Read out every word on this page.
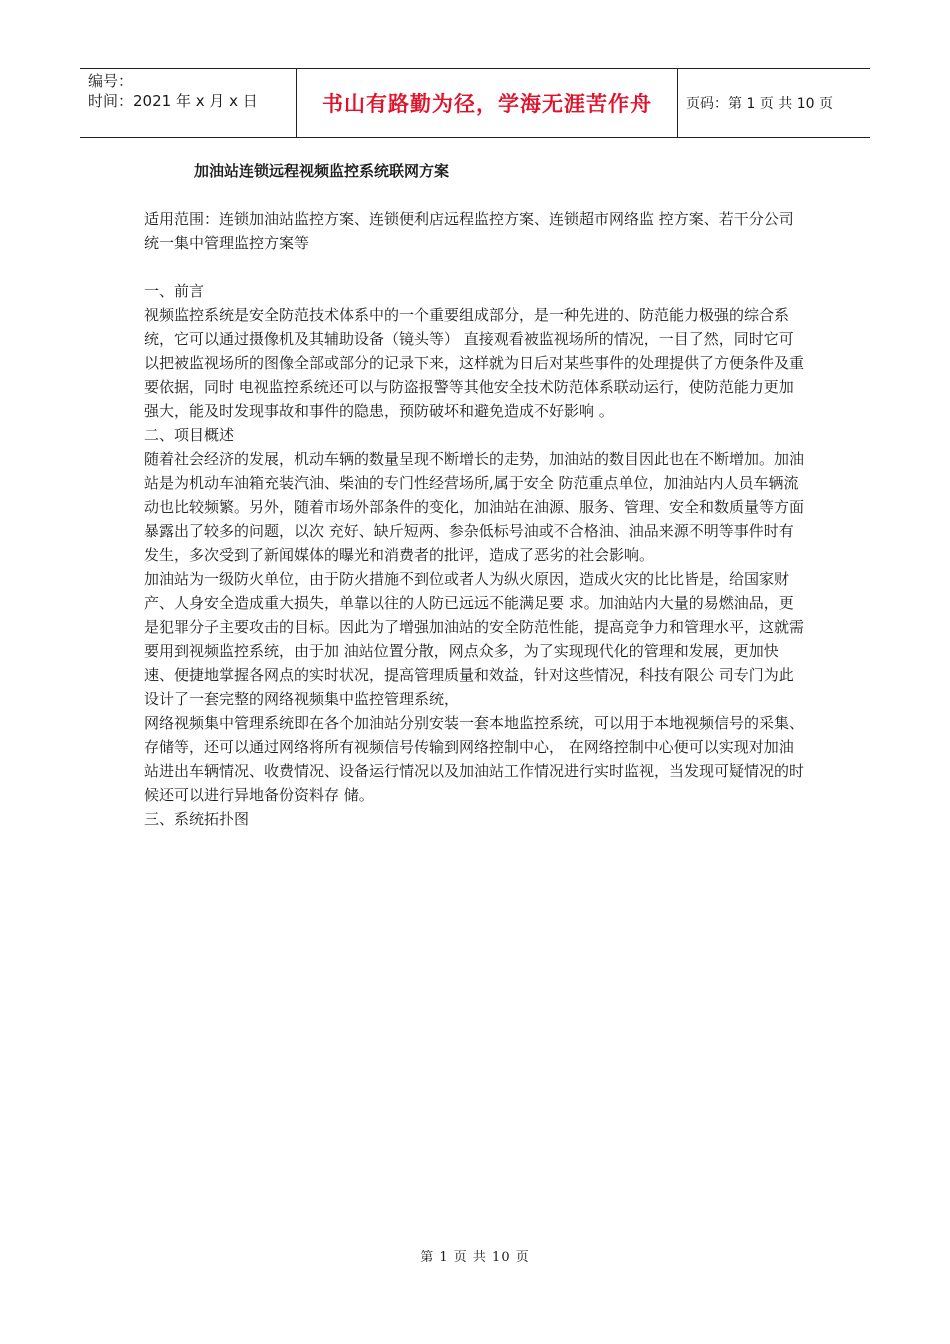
编号：
时间：2021 年 x 月 x 日	书山有路勤为径，学海无涯苦作舟 页码：第 1 页 共 10 页
加油站连锁远程视频监控系统联网方案

适用范围：连锁加油站监控方案、连锁便利店远程监控方案、连锁超市网络监 控方案、若干分公司统一集中管理监控方案等

一、前言

视频监控系统是安全防范技术体系中的一个重要组成部分，是一种先进的、防范能力极强的综合系统，它可以通过摄像机及其辅助设备（镜头等） 直接观看被监视场所的情况，一目了然，同时它可以把被监视场所的图像全部或部分的记录下来，这样就为日后对某些事件的处理提供了方便条件及重要依据，同时 电视监控系统还可以与防盗报警等其他安全技术防范体系联动运行，使防范能力更加强大，能及时发现事故和事件的隐患，预防破坏和避免造成不好影响 。

二、项目概述

随着社会经济的发展，机动车辆的数量呈现不断增长的走势，加油站的数目因此也在不断增加。加油站是为机动车油箱充装汽油、柴油的专门性经营场所,属于安全 防范重点单位，加油站内人员车辆流动也比较频繁。另外，随着市场外部条件的变化，加油站在油源、服务、管理、安全和数质量等方面暴露出了较多的问题，以次 充好、缺斤短两、参杂低标号油或不合格油、油品来源不明等事件时有发生，多次受到了新闻媒体的曝光和消费者的批评，造成了恶劣的社会影响。

加油站为一级防火单位，由于防火措施不到位或者人为纵火原因，造成火灾的比比皆是，给国家财产、人身安全造成重大损失，单靠以往的人防已远远不能满足要 求。加油站内大量的易燃油品，更是犯罪分子主要攻击的目标。因此为了增强加油站的安全防范性能，提高竞争力和管理水平，这就需要用到视频监控系统，由于加 油站位置分散，网点众多，为了实现现代化的管理和发展，更加快速、便捷地掌握各网点的实时状况，提高管理质量和效益，针对这些情况，科技有限公 司专门为此设计了一套完整的网络视频集中监控管理系统，

网络视频集中管理系统即在各个加油站分别安装一套本地监控系统，可以用于本地视频信号的采集、存储等，还可以通过网络将所有视频信号传输到网络控制中心， 在网络控制中心便可以实现对加油站进出车辆情况、收费情况、设备运行情况以及加油站工作情况进行实时监视，当发现可疑情况的时候还可以进行异地备份资料存 储。

三、系统拓扑图

第 1 页 共 10 页
